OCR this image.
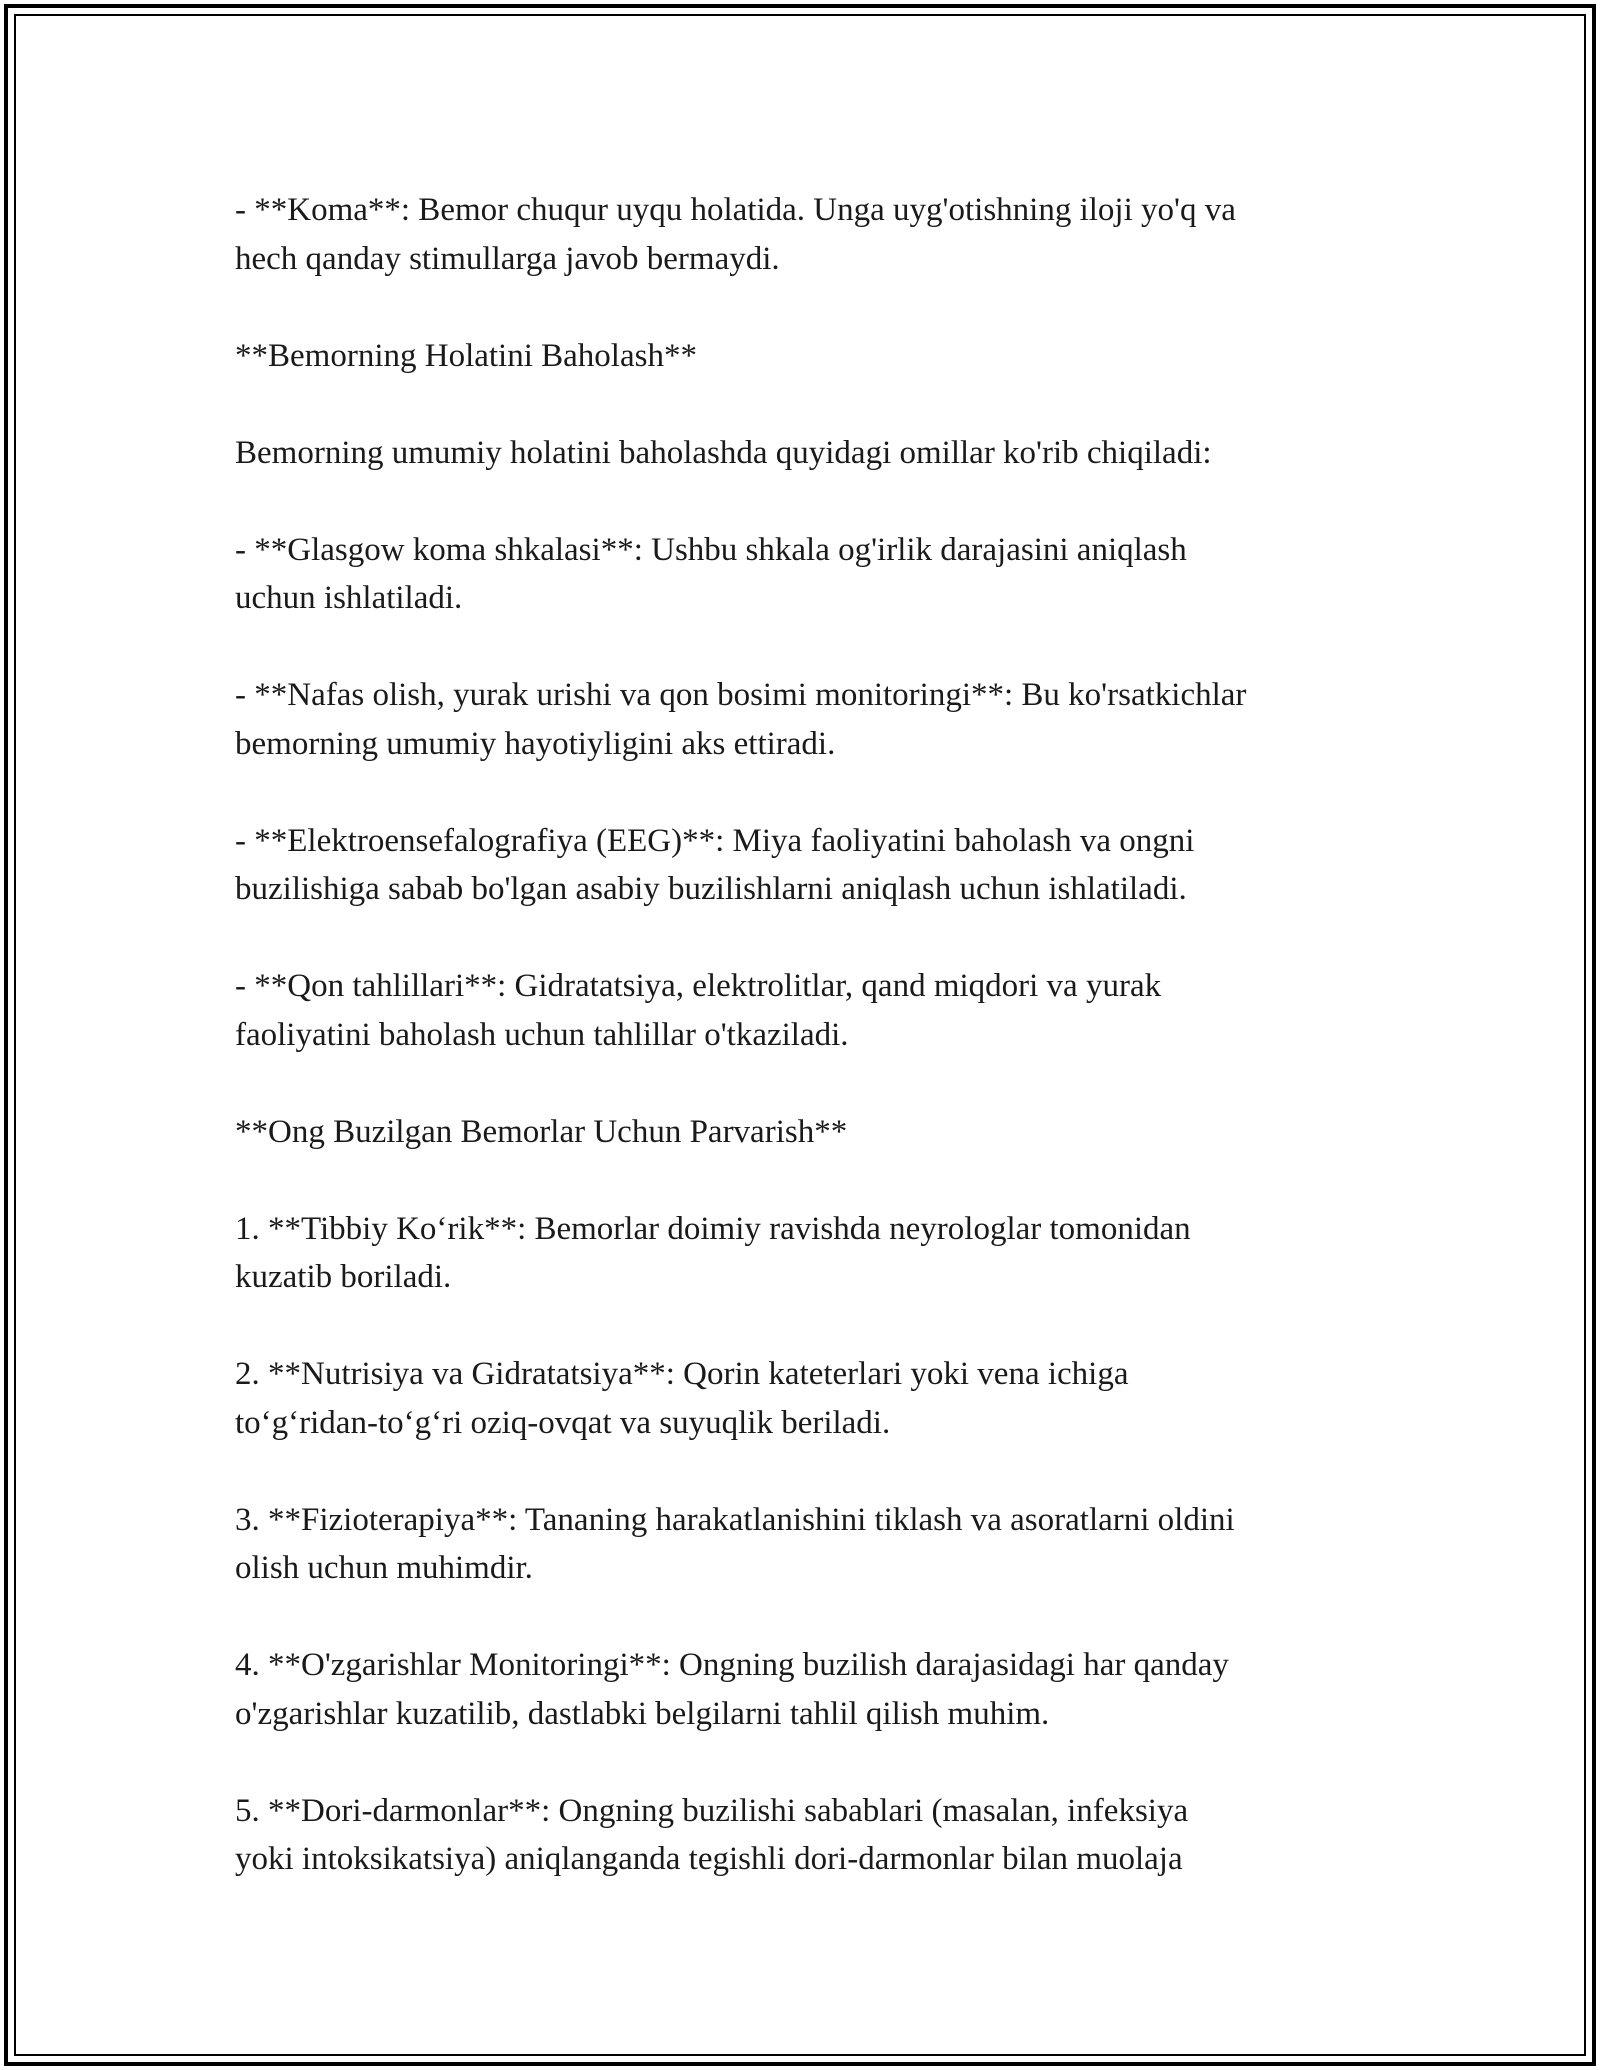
- **Koma**: Bemor chuqur uyqu holatida. Unga uyg'otishning iloji yo'q va
hech qanday stimullarga javob bermaydi.

**Bemorning Holatini Baholash**

Bemorning umumiy holatini baholashda quyidagi omillar ko'rib chiqiladi:

- **Glasgow koma shkalasi**: Ushbu shkala og'irlik darajasini aniqlash
uchun ishlatiladi.

- **Nafas olish, yurak urishi va qon bosimi monitoringi**: Bu ko'rsatkichlar
bemorning umumiy hayotiyligini aks ettiradi.

- **Elektroensefalografiya (EEG)**: Miya faoliyatini baholash va ongni
buzilishiga sabab bo'lgan asabiy buzilishlarni aniqlash uchun ishlatiladi.

- **Qon tahlillari**: Gidratatsiya, elektrolitlar, qand miqdori va yurak
faoliyatini baholash uchun tahlillar o'tkaziladi.

**Ong Buzilgan Bemorlar Uchun Parvarish**

1. **Tibbiy Ko‘rik**: Bemorlar doimiy ravishda neyrologlar tomonidan
kuzatib boriladi.

2. **Nutrisiya va Gidratatsiya**: Qorin kateterlari yoki vena ichiga
to‘g‘ridan-to‘g‘ri oziq-ovqat va suyuqlik beriladi.

3. **Fizioterapiya**: Tananing harakatlanishini tiklash va asoratlarni oldini
olish uchun muhimdir.

4. **O'zgarishlar Monitoringi**: Ongning buzilish darajasidagi har qanday
o'zgarishlar kuzatilib, dastlabki belgilarni tahlil qilish muhim.

5. **Dori-darmonlar**: Ongning buzilishi sabablari (masalan, infeksiya
yoki intoksikatsiya) aniqlanganda tegishli dori-darmonlar bilan muolaja
